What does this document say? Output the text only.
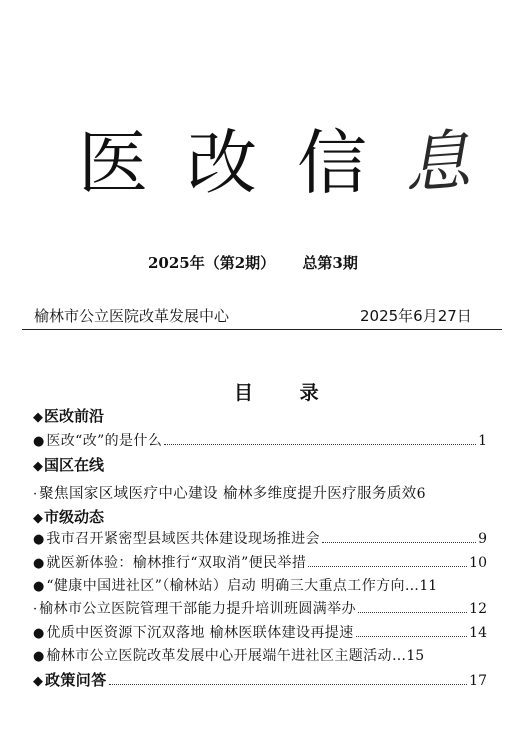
医 改 信 息
2025年（第2期） 总第3期
榆林市公立医院改革发展中心	2025年6月27日
目 录
◆医改前沿
● 医改“改”的是什么	1
◆国区在线
· 聚焦国家区域医疗中心建设 榆林多维度提升医疗服务质效 6
◆市级动态
● 我市召开紧密型县域医共体建设现场推进会	9
● 就医新体验：榆林推行“双取消”便民举措	10
● “健康中国进社区”（榆林站）启动 明确三大重点工作方向… 11
· 榆林市公立医院管理干部能力提升培训班圆满举办	12
● 优质中医资源下沉双落地 榆林医联体建设再提速	14
● 榆林市公立医院改革发展中心开展端午进社区主题活动… 15
◆ 政策问答	17
